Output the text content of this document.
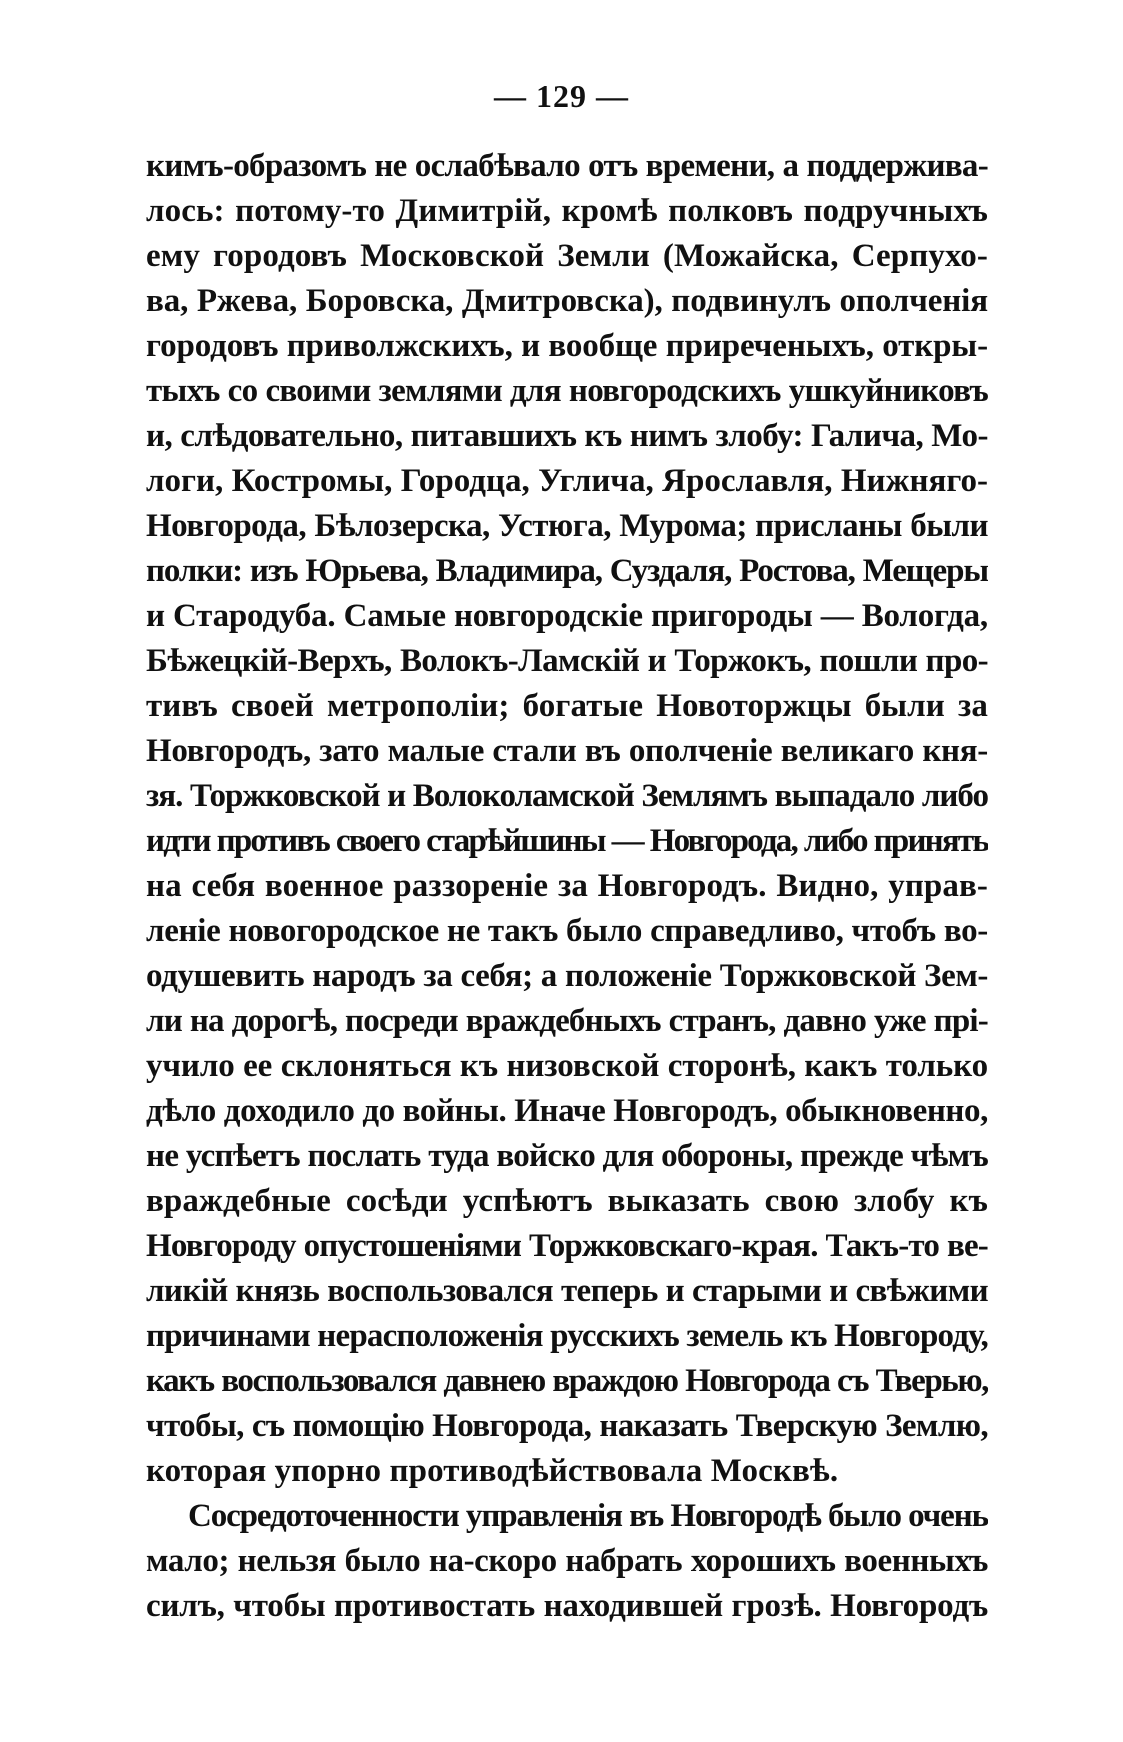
— 129 —
кимъ-образомъ не ослабѣвало отъ времени, а поддержива-
лось: потому-то Димитрій, кромѣ полковъ подручныхъ
ему городовъ Московской Земли (Можайска, Серпухо-
ва, Ржева, Боровска, Дмитровска), подвинулъ ополченія
городовъ приволжскихъ, и вообще приреченыхъ, откры-
тыхъ со своими землями для новгородскихъ ушкуйниковъ
и, слѣдовательно, питавшихъ къ нимъ злобу: Галича, Мо-
логи, Костромы, Городца, Углича, Ярославля, Нижняго-
Новгорода, Бѣлозерска, Устюга, Мурома; присланы были
полки: изъ Юрьева, Владимира, Суздаля, Ростова, Мещеры
и Стародуба. Самые новгородскіе пригороды — Вологда,
Бѣжецкій-Верхъ, Волокъ-Ламскій и Торжокъ, пошли про-
тивъ своей метрополіи; богатые Новоторжцы были за
Новгородъ, зато малые стали въ ополченіе великаго кня-
зя. Торжковской и Волоколамской Землямъ выпадало либо
идти противъ своего старѣйшины — Новгорода, либо принять
на себя военное раззореніе за Новгородъ. Видно, управ-
леніе новогородское не такъ было справедливо, чтобъ во-
одушевить народъ за себя; а положеніе Торжковской Зем-
ли на дорогѣ, посреди враждебныхъ странъ, давно уже прі-
учило ее склоняться къ низовской сторонѣ, какъ только
дѣло доходило до войны. Иначе Новгородъ, обыкновенно,
не успѣетъ послать туда войско для обороны, прежде чѣмъ
враждебные сосѣди успѣютъ выказать свою злобу къ
Новгороду опустошеніями Торжковскаго-края. Такъ-то ве-
ликій князь воспользовался теперь и старыми и свѣжими
причинами нерасположенія русскихъ земель къ Новгороду,
какъ воспользовался давнею враждою Новгорода съ Тверью,
чтобы, съ помощію Новгорода, наказать Тверскую Землю,
которая упорно противодѣйствовала Москвѣ.
Сосредоточенности управленія въ Новгородѣ было очень
мало; нельзя было на-скоро набрать хорошихъ военныхъ
силъ, чтобы противостать находившей грозѣ. Новгородъ
